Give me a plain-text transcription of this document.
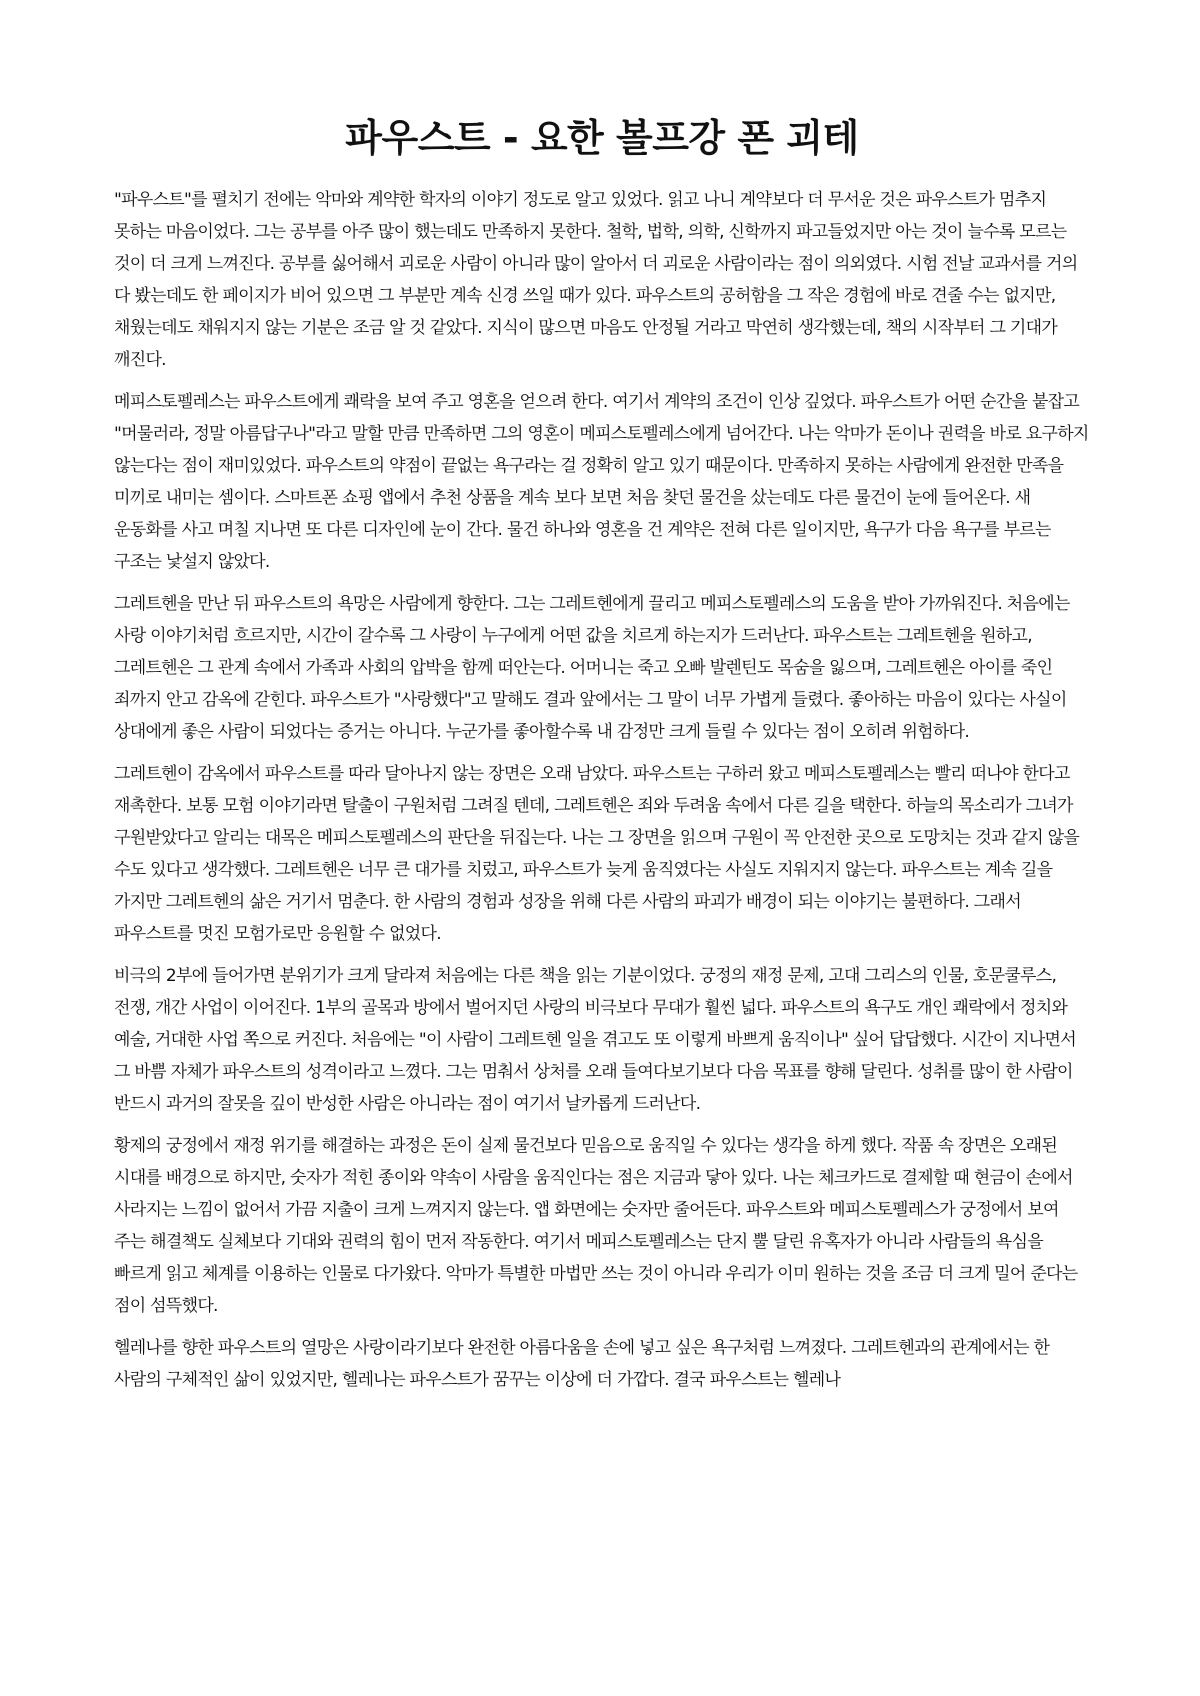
파우스트 - 요한 볼프강 폰 괴테

"파우스트"를 펼치기 전에는 악마와 계약한 학자의 이야기 정도로 알고 있었다. 읽고 나니 계약보다 더 무서운 것은 파우스트가 멈추지 못하는 마음이었다. 그는 공부를 아주 많이 했는데도 만족하지 못한다. 철학, 법학, 의학, 신학까지 파고들었지만 아는 것이 늘수록 모르는 것이 더 크게 느껴진다. 공부를 싫어해서 괴로운 사람이 아니라 많이 알아서 더 괴로운 사람이라는 점이 의외였다. 시험 전날 교과서를 거의 다 봤는데도 한 페이지가 비어 있으면 그 부분만 계속 신경 쓰일 때가 있다. 파우스트의 공허함을 그 작은 경험에 바로 견줄 수는 없지만, 채웠는데도 채워지지 않는 기분은 조금 알 것 같았다. 지식이 많으면 마음도 안정될 거라고 막연히 생각했는데, 책의 시작부터 그 기대가 깨진다.

메피스토펠레스는 파우스트에게 쾌락을 보여 주고 영혼을 얻으려 한다. 여기서 계약의 조건이 인상 깊었다. 파우스트가 어떤 순간을 붙잡고 "머물러라, 정말 아름답구나"라고 말할 만큼 만족하면 그의 영혼이 메피스토펠레스에게 넘어간다. 나는 악마가 돈이나 권력을 바로 요구하지 않는다는 점이 재미있었다. 파우스트의 약점이 끝없는 욕구라는 걸 정확히 알고 있기 때문이다. 만족하지 못하는 사람에게 완전한 만족을 미끼로 내미는 셈이다. 스마트폰 쇼핑 앱에서 추천 상품을 계속 보다 보면 처음 찾던 물건을 샀는데도 다른 물건이 눈에 들어온다. 새 운동화를 사고 며칠 지나면 또 다른 디자인에 눈이 간다. 물건 하나와 영혼을 건 계약은 전혀 다른 일이지만, 욕구가 다음 욕구를 부르는 구조는 낯설지 않았다.

그레트헨을 만난 뒤 파우스트의 욕망은 사람에게 향한다. 그는 그레트헨에게 끌리고 메피스토펠레스의 도움을 받아 가까워진다. 처음에는 사랑 이야기처럼 흐르지만, 시간이 갈수록 그 사랑이 누구에게 어떤 값을 치르게 하는지가 드러난다. 파우스트는 그레트헨을 원하고, 그레트헨은 그 관계 속에서 가족과 사회의 압박을 함께 떠안는다. 어머니는 죽고 오빠 발렌틴도 목숨을 잃으며, 그레트헨은 아이를 죽인 죄까지 안고 감옥에 갇힌다. 파우스트가 "사랑했다"고 말해도 결과 앞에서는 그 말이 너무 가볍게 들렸다. 좋아하는 마음이 있다는 사실이 상대에게 좋은 사람이 되었다는 증거는 아니다. 누군가를 좋아할수록 내 감정만 크게 들릴 수 있다는 점이 오히려 위험하다.

그레트헨이 감옥에서 파우스트를 따라 달아나지 않는 장면은 오래 남았다. 파우스트는 구하러 왔고 메피스토펠레스는 빨리 떠나야 한다고 재촉한다. 보통 모험 이야기라면 탈출이 구원처럼 그려질 텐데, 그레트헨은 죄와 두려움 속에서 다른 길을 택한다. 하늘의 목소리가 그녀가 구원받았다고 알리는 대목은 메피스토펠레스의 판단을 뒤집는다. 나는 그 장면을 읽으며 구원이 꼭 안전한 곳으로 도망치는 것과 같지 않을 수도 있다고 생각했다. 그레트헨은 너무 큰 대가를 치렀고, 파우스트가 늦게 움직였다는 사실도 지워지지 않는다. 파우스트는 계속 길을 가지만 그레트헨의 삶은 거기서 멈춘다. 한 사람의 경험과 성장을 위해 다른 사람의 파괴가 배경이 되는 이야기는 불편하다. 그래서 파우스트를 멋진 모험가로만 응원할 수 없었다.

비극의 2부에 들어가면 분위기가 크게 달라져 처음에는 다른 책을 읽는 기분이었다. 궁정의 재정 문제, 고대 그리스의 인물, 호문쿨루스, 전쟁, 개간 사업이 이어진다. 1부의 골목과 방에서 벌어지던 사랑의 비극보다 무대가 훨씬 넓다. 파우스트의 욕구도 개인 쾌락에서 정치와 예술, 거대한 사업 쪽으로 커진다. 처음에는 "이 사람이 그레트헨 일을 겪고도 또 이렇게 바쁘게 움직이나" 싶어 답답했다. 시간이 지나면서 그 바쁨 자체가 파우스트의 성격이라고 느꼈다. 그는 멈춰서 상처를 오래 들여다보기보다 다음 목표를 향해 달린다. 성취를 많이 한 사람이 반드시 과거의 잘못을 깊이 반성한 사람은 아니라는 점이 여기서 날카롭게 드러난다.

황제의 궁정에서 재정 위기를 해결하는 과정은 돈이 실제 물건보다 믿음으로 움직일 수 있다는 생각을 하게 했다. 작품 속 장면은 오래된 시대를 배경으로 하지만, 숫자가 적힌 종이와 약속이 사람을 움직인다는 점은 지금과 닿아 있다. 나는 체크카드로 결제할 때 현금이 손에서 사라지는 느낌이 없어서 가끔 지출이 크게 느껴지지 않는다. 앱 화면에는 숫자만 줄어든다. 파우스트와 메피스토펠레스가 궁정에서 보여 주는 해결책도 실체보다 기대와 권력의 힘이 먼저 작동한다. 여기서 메피스토펠레스는 단지 뿔 달린 유혹자가 아니라 사람들의 욕심을 빠르게 읽고 체계를 이용하는 인물로 다가왔다. 악마가 특별한 마법만 쓰는 것이 아니라 우리가 이미 원하는 것을 조금 더 크게 밀어 준다는 점이 섬뜩했다.

헬레나를 향한 파우스트의 열망은 사랑이라기보다 완전한 아름다움을 손에 넣고 싶은 욕구처럼 느껴졌다. 그레트헨과의 관계에서는 한 사람의 구체적인 삶이 있었지만, 헬레나는 파우스트가 꿈꾸는 이상에 더 가깝다. 결국 파우스트는 헬레나
